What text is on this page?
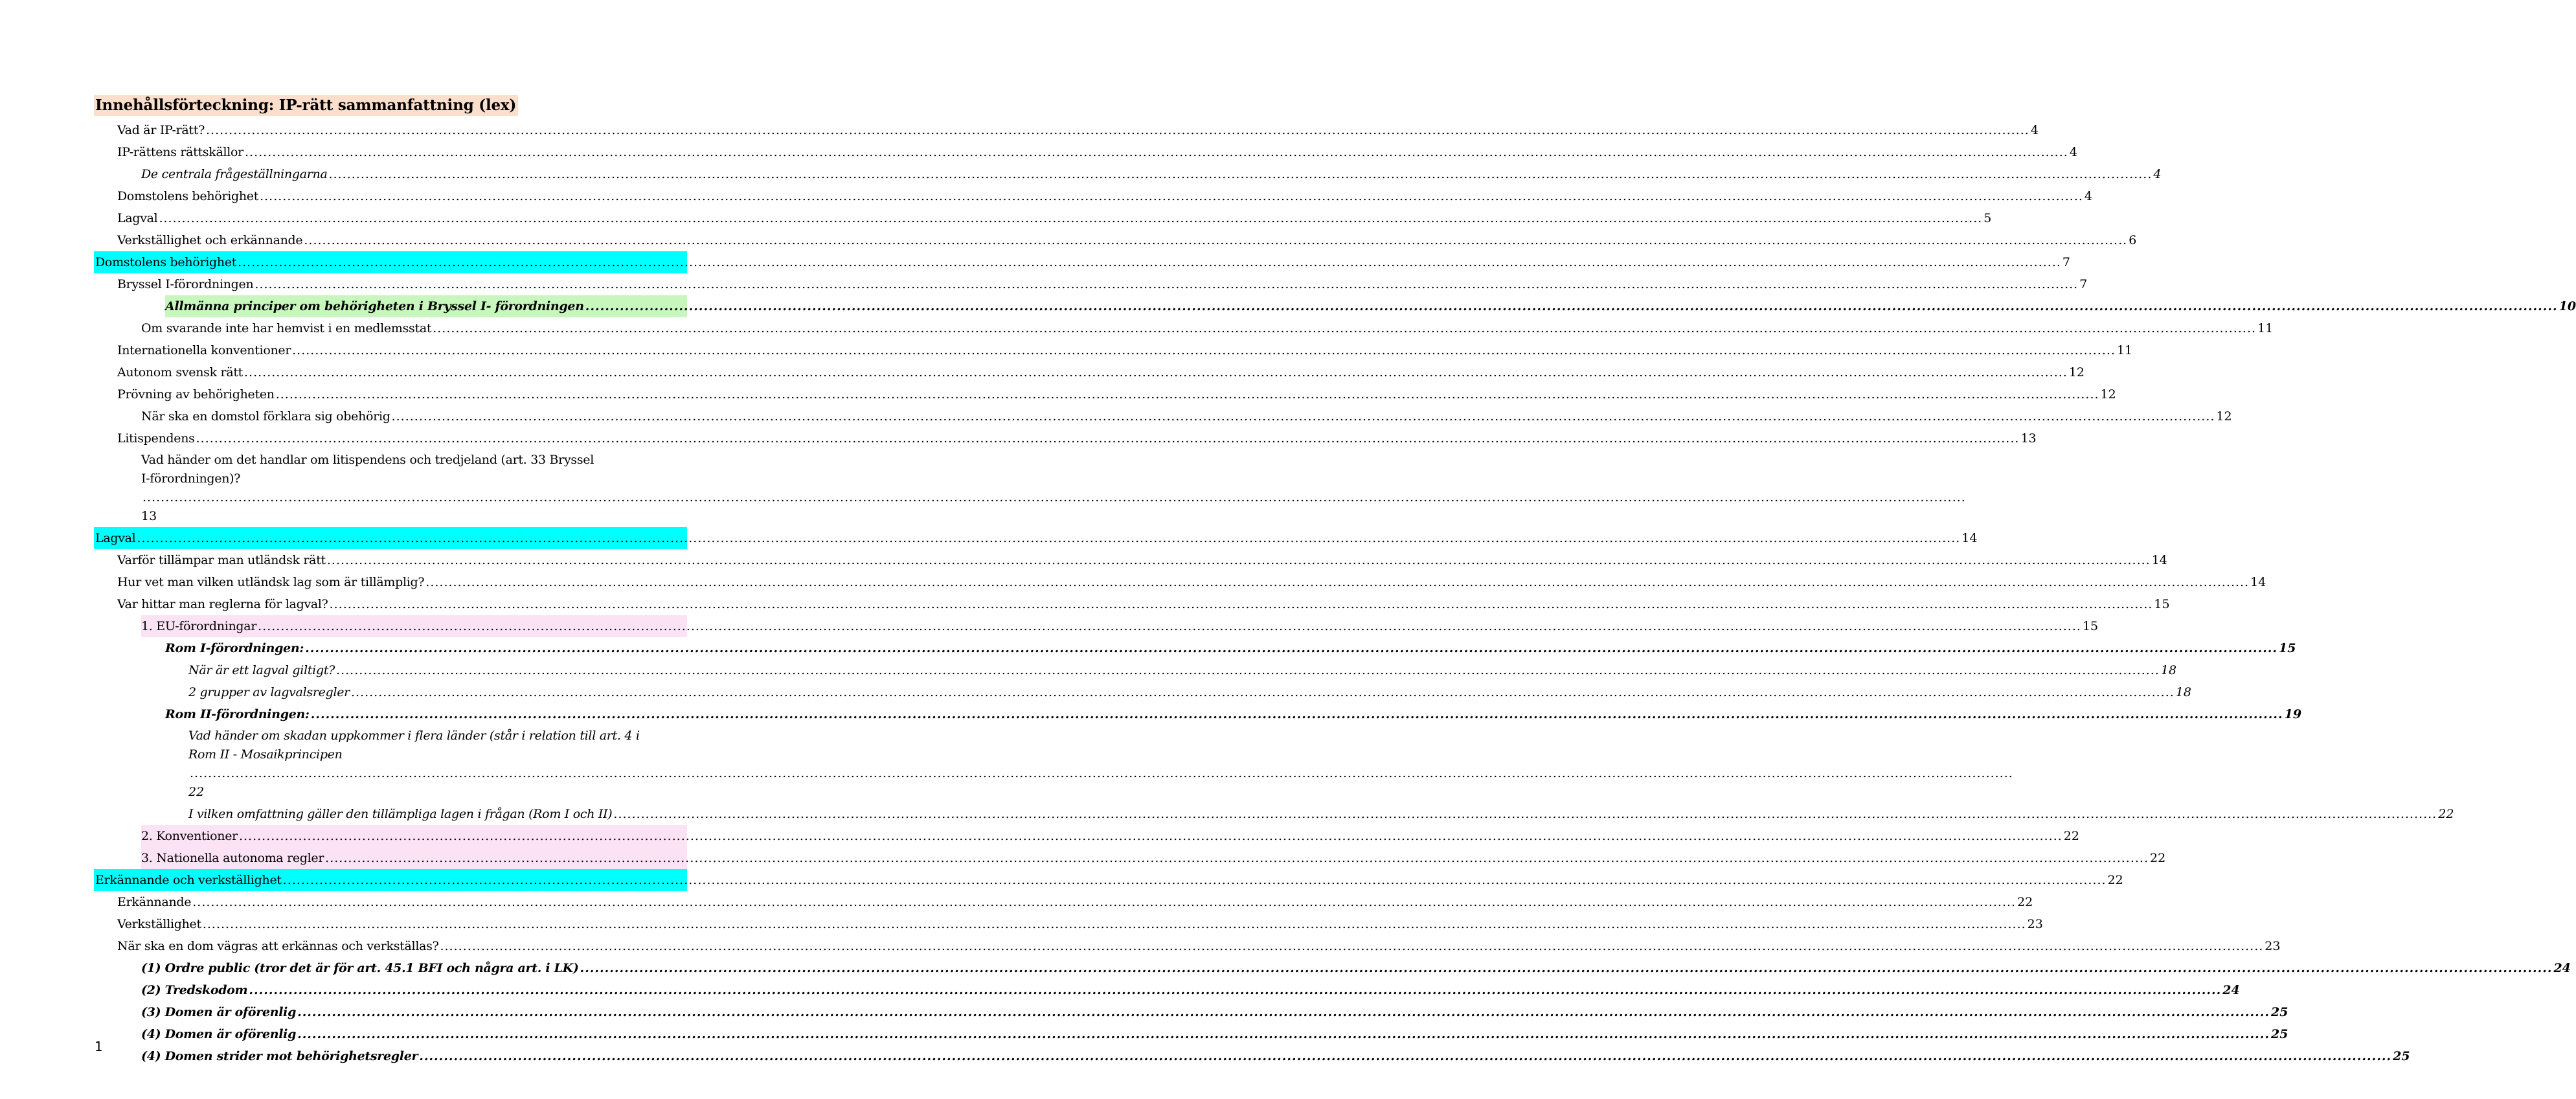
Innehållsförteckning: IP-rätt sammanfattning (lex)
Vad är IP-rätt? ................................................................................................................................................................................................................................................................................................................................................................................................................ 4
IP-rättens rättskällor ................................................................................................................................................................................................................................................................................................................................................................................................................ 4
De centrala frågeställningarna ................................................................................................................................................................................................................................................................................................................................................................................................................ 4
Domstolens behörighet ................................................................................................................................................................................................................................................................................................................................................................................................................ 4
Lagval ................................................................................................................................................................................................................................................................................................................................................................................................................ 5
Verkställighet och erkännande ................................................................................................................................................................................................................................................................................................................................................................................................................ 6
Domstolens behörighet ................................................................................................................................................................................................................................................................................................................................................................................................................ 7
Bryssel I-förordningen ................................................................................................................................................................................................................................................................................................................................................................................................................ 7
Allmänna principer om behörigheten i Bryssel I- förordningen ................................................................................................................................................................................................................................................................................................................................................................................................................ 10
Om svarande inte har hemvist i en medlemsstat ................................................................................................................................................................................................................................................................................................................................................................................................................ 11
Internationella konventioner ................................................................................................................................................................................................................................................................................................................................................................................................................ 11
Autonom svensk rätt ................................................................................................................................................................................................................................................................................................................................................................................................................ 12
Prövning av behörigheten ................................................................................................................................................................................................................................................................................................................................................................................................................ 12
När ska en domstol förklara sig obehörig ................................................................................................................................................................................................................................................................................................................................................................................................................ 12
Litispendens ................................................................................................................................................................................................................................................................................................................................................................................................................ 13
Vad händer om det handlar om litispendens och tredjeland (art. 33 Bryssel
I-förordningen)?
................................................................................................................................................................................................................................................................................................................................................................................................................
13
Lagval ................................................................................................................................................................................................................................................................................................................................................................................................................ 14
Varför tillämpar man utländsk rätt ................................................................................................................................................................................................................................................................................................................................................................................................................ 14
Hur vet man vilken utländsk lag som är tillämplig? ................................................................................................................................................................................................................................................................................................................................................................................................................ 14
Var hittar man reglerna för lagval? ................................................................................................................................................................................................................................................................................................................................................................................................................ 15
1. EU-förordningar ................................................................................................................................................................................................................................................................................................................................................................................................................ 15
Rom I-förordningen: ................................................................................................................................................................................................................................................................................................................................................................................................................ 15
När är ett lagval giltigt? ................................................................................................................................................................................................................................................................................................................................................................................................................ 18
2 grupper av lagvalsregler ................................................................................................................................................................................................................................................................................................................................................................................................................ 18
Rom II-förordningen: ................................................................................................................................................................................................................................................................................................................................................................................................................ 19
Vad händer om skadan uppkommer i flera länder (står i relation till art. 4 i
Rom II - Mosaikprincipen
................................................................................................................................................................................................................................................................................................................................................................................................................
22
I vilken omfattning gäller den tillämpliga lagen i frågan (Rom I och II) ................................................................................................................................................................................................................................................................................................................................................................................................................ 22
2. Konventioner ................................................................................................................................................................................................................................................................................................................................................................................................................ 22
3. Nationella autonoma regler ................................................................................................................................................................................................................................................................................................................................................................................................................ 22
Erkännande och verkställighet ................................................................................................................................................................................................................................................................................................................................................................................................................ 22
Erkännande ................................................................................................................................................................................................................................................................................................................................................................................................................ 22
Verkställighet ................................................................................................................................................................................................................................................................................................................................................................................................................ 23
När ska en dom vägras att erkännas och verkställas? ................................................................................................................................................................................................................................................................................................................................................................................................................ 23
(1) Ordre public (tror det är för art. 45.1 BFI och några art. i LK) ................................................................................................................................................................................................................................................................................................................................................................................................................ 24
(2) Tredskodom ................................................................................................................................................................................................................................................................................................................................................................................................................ 24
(3) Domen är oförenlig ................................................................................................................................................................................................................................................................................................................................................................................................................ 25
(4) Domen är oförenlig ................................................................................................................................................................................................................................................................................................................................................................................................................ 25
(4) Domen strider mot behörighetsregler ................................................................................................................................................................................................................................................................................................................................................................................................................ 25
1
